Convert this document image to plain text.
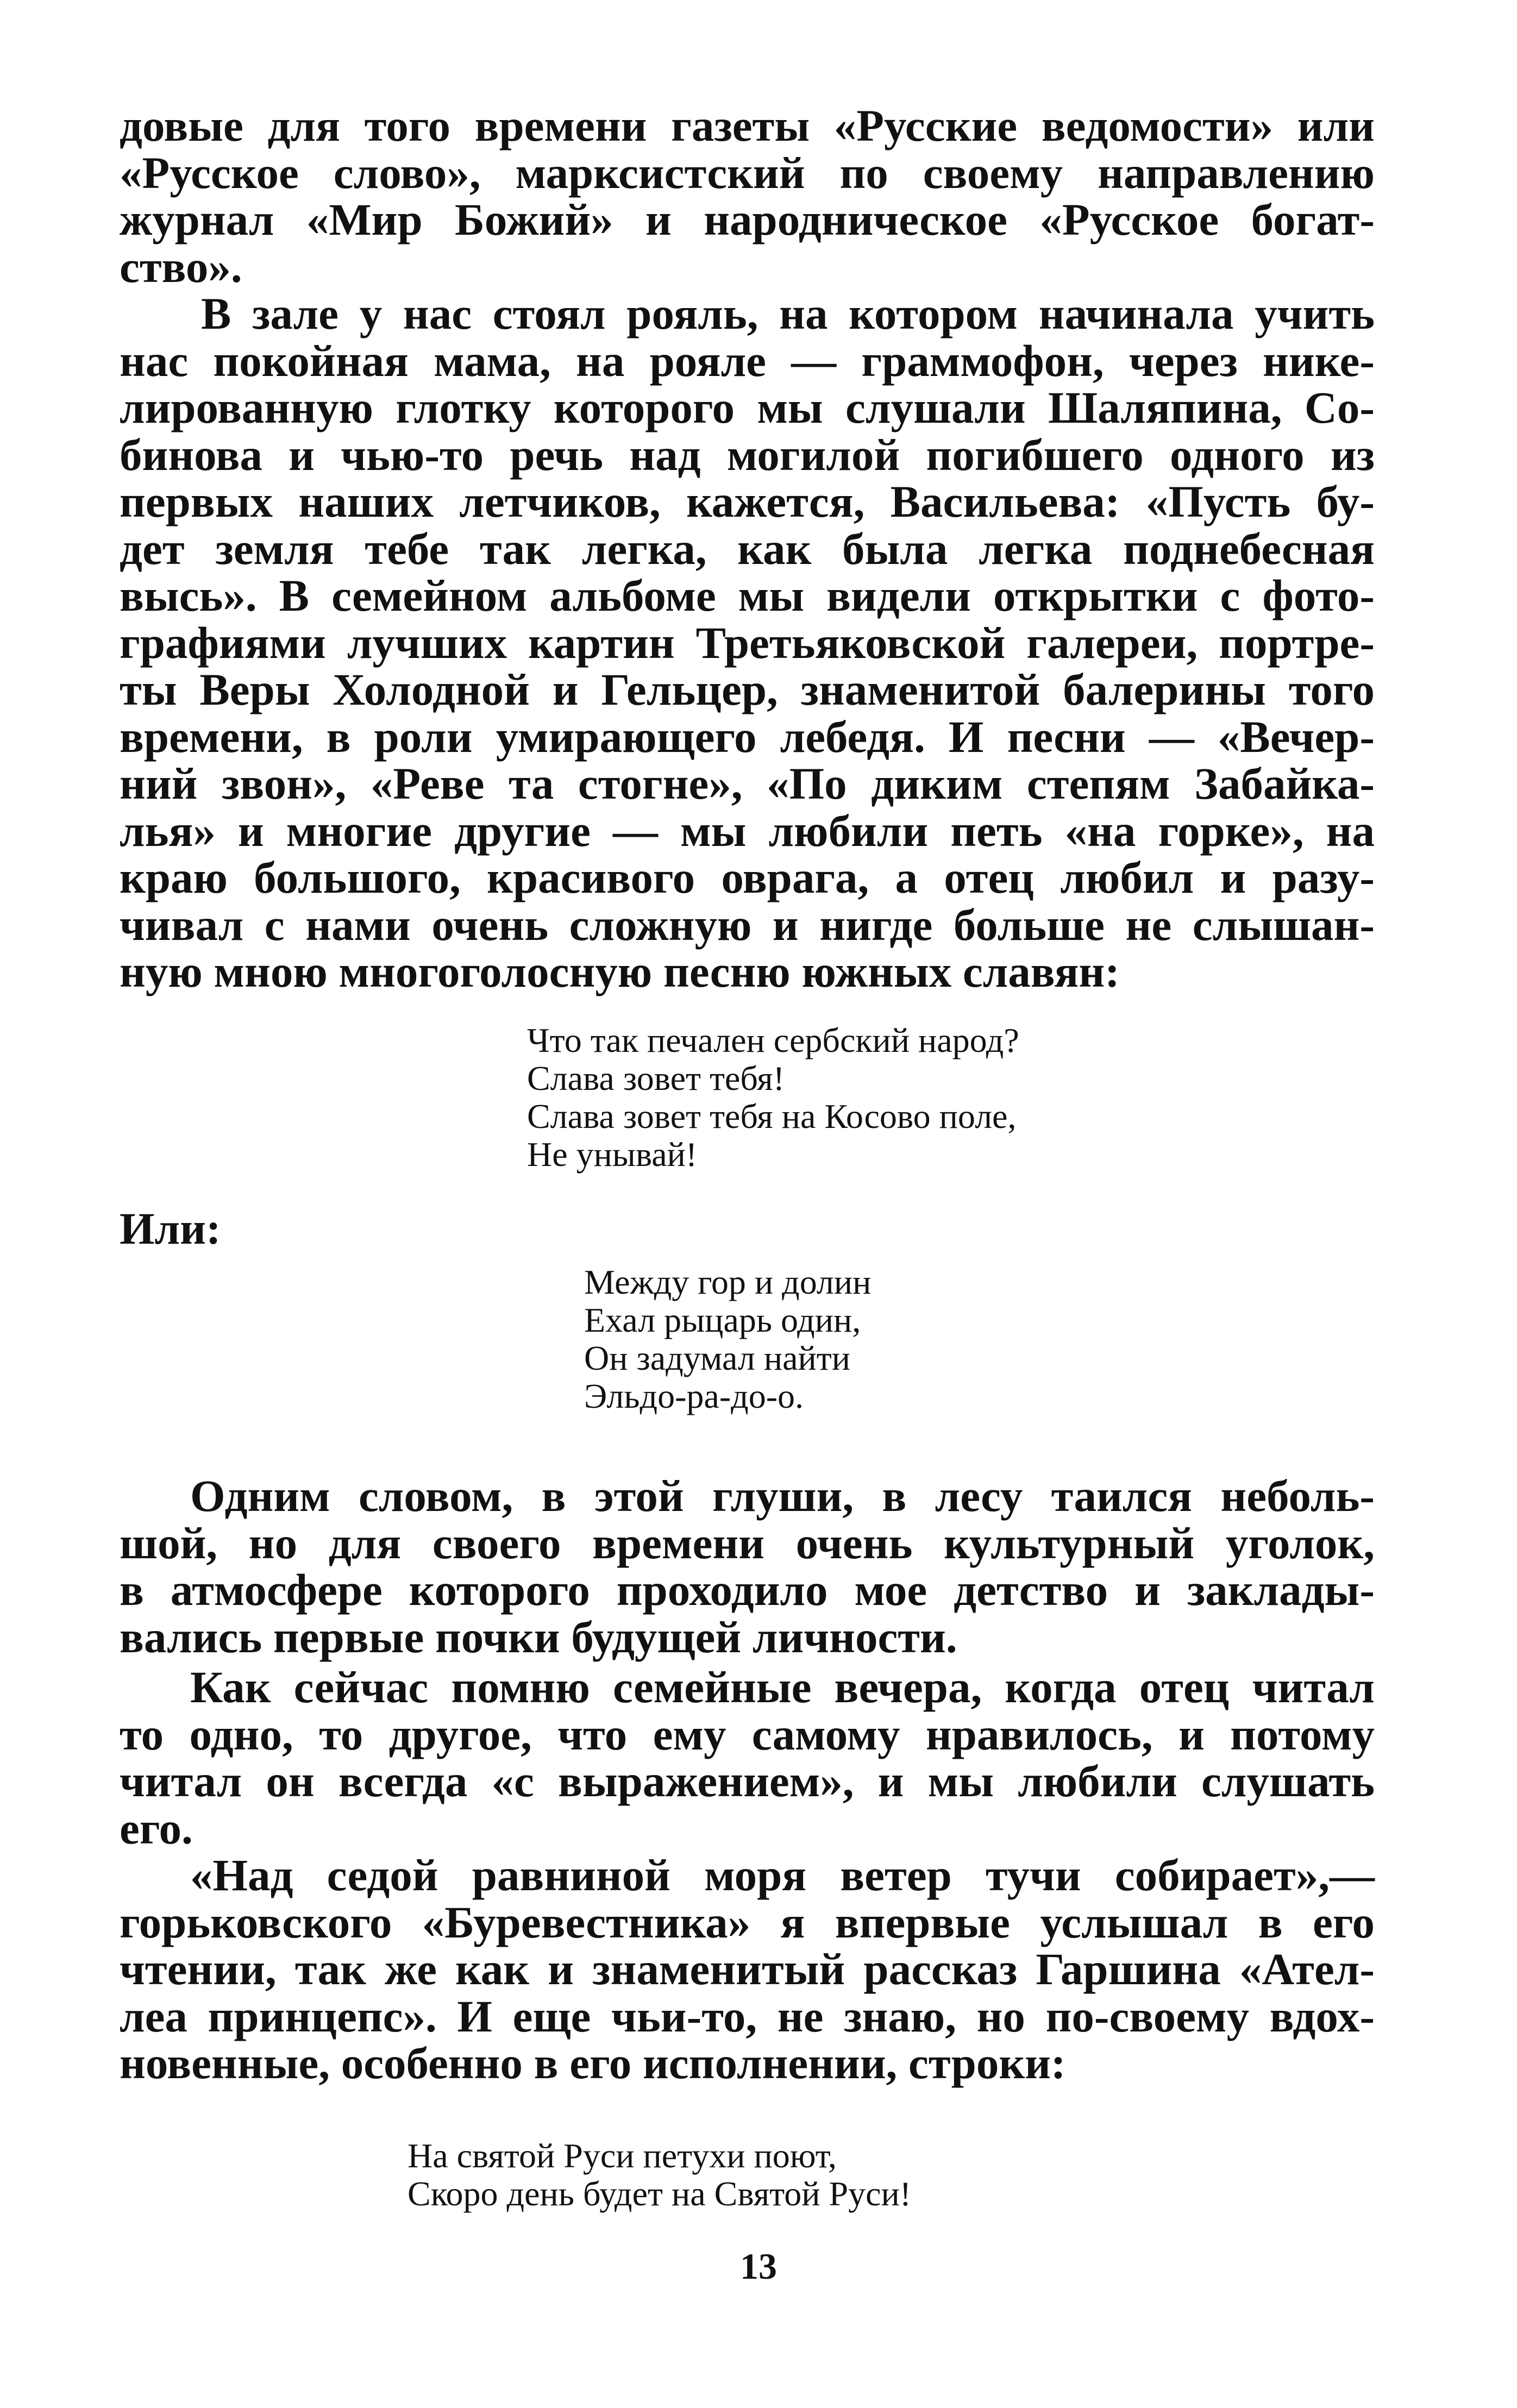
довые для того времени газеты «Русские ведомости» или
«Русское слово», марксистский по своему направлению
журнал «Мир Божий» и народническое «Русское богат-
ство».
В зале у нас стоял рояль, на котором начинала учить
нас покойная мама, на рояле — граммофон, через нике-
лированную глотку которого мы слушали Шаляпина, Со-
бинова и чью-то речь над могилой погибшего одного из
первых наших летчиков, кажется, Васильева: «Пусть бу-
дет земля тебе так легка, как была легка поднебесная
высь». В семейном альбоме мы видели открытки с фото-
графиями лучших картин Третьяковской галереи, портре-
ты Веры Холодной и Гельцер, знаменитой балерины того
времени, в роли умирающего лебедя. И песни — «Вечер-
ний звон», «Реве та стогне», «По диким степям Забайка-
лья» и многие другие — мы любили петь «на горке», на
краю большого, красивого оврага, а отец любил и разу-
чивал с нами очень сложную и нигде больше не слышан-
ную мною многоголосную песню южных славян:
Что так печален сербский народ?
Слава зовет тебя!
Слава зовет тебя на Косово поле,
Не унывай!
Или:
Между гор и долин
Ехал рыцарь один,
Он задумал найти
Эльдо-ра-до-о.
Одним словом, в этой глуши, в лесу таился неболь-
шой, но для своего времени очень культурный уголок,
в атмосфере которого проходило мое детство и заклады-
вались первые почки будущей личности.
Как сейчас помню семейные вечера, когда отец читал
то одно, то другое, что ему самому нравилось, и потому
читал он всегда «с выражением», и мы любили слушать
его.
«Над седой равниной моря ветер тучи собирает»,—
горьковского «Буревестника» я впервые услышал в его
чтении, так же как и знаменитый рассказ Гаршина «Ател-
леа принцепс». И еще чьи-то, не знаю, но по-своему вдох-
новенные, особенно в его исполнении, строки:
На святой Руси петухи поют,
Скоро день будет на Святой Руси!
13
